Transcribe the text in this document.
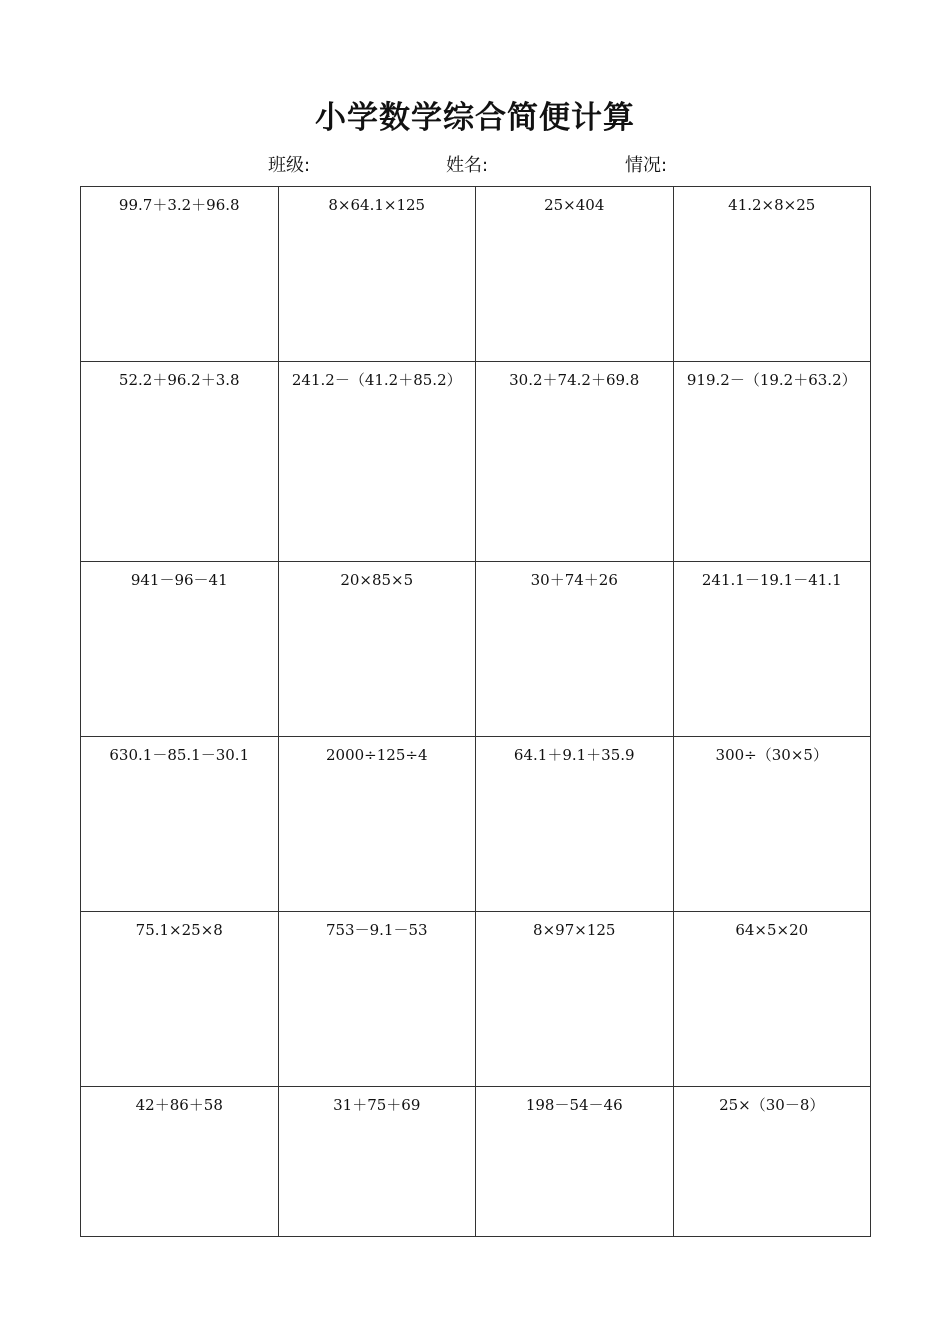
小学数学综合简便计算
班级:	姓名:	情况:
99.7＋3.2＋96.8	8×64.1×125	25×404	41.2×8×25
52.2＋96.2＋3.8	241.2－（41.2＋85.2）	30.2＋74.2＋69.8	919.2－（19.2＋63.2）
941－96－41	20×85×5	30＋74＋26	241.1－19.1－41.1
630.1－85.1－30.1	2000÷125÷4	64.1＋9.1＋35.9	300÷（30×5）
75.1×25×8	753－9.1－53	8×97×125	64×5×20
42＋86＋58	31＋75＋69	198－54－46	25×（30－8）
